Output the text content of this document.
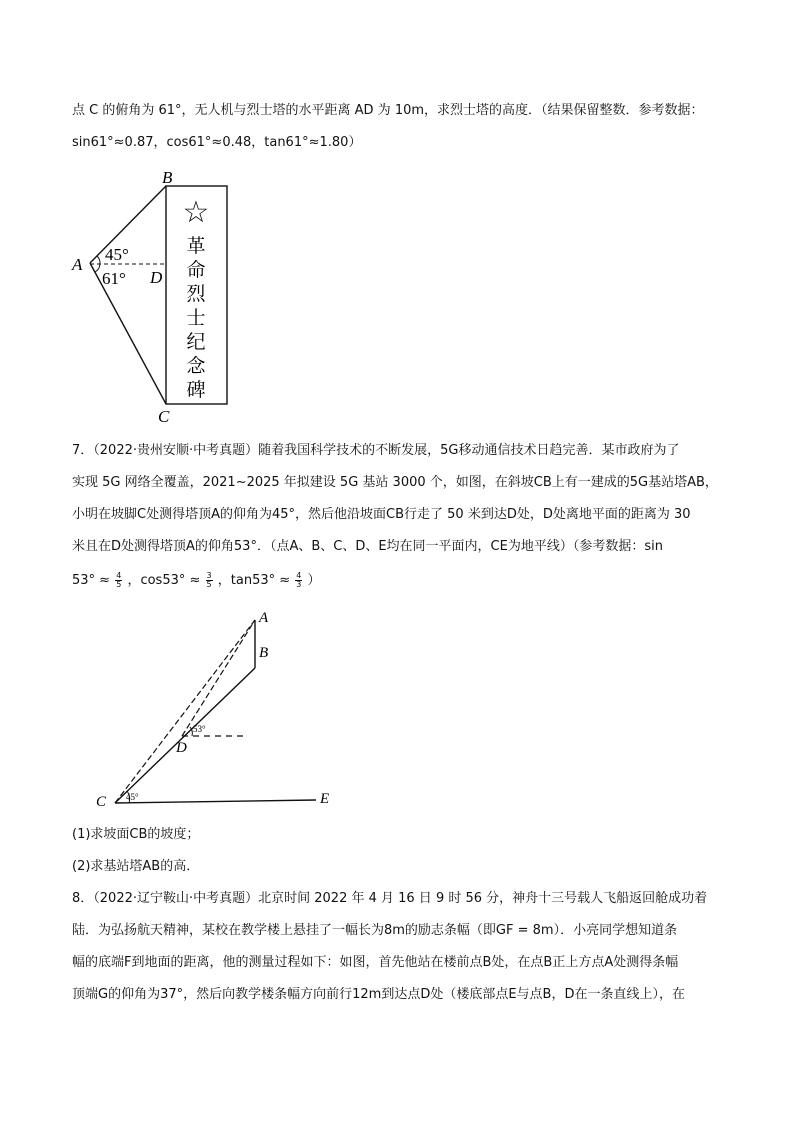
点 C 的俯角为 61°，无人机与烈士塔的水平距离 AD 为 10m，求烈士塔的高度．（结果保留整数．参考数据：
sin61°≈0.87，cos61°≈0.48，tan61°≈1.80）
☆
B
A
D
C
45°
61°
革
命
烈
士
纪
念
碑
7．（2022·贵州安顺·中考真题）随着我国科学技术的不断发展，5G移动通信技术日趋完善．某市政府为了
实现 5G 网络全覆盖，2021~2025 年拟建设 5G 基站 3000 个，如图，在斜坡CB上有一建成的5G基站塔AB，
小明在坡脚C处测得塔顶A的仰角为45°，然后他沿坡面CB行走了 50 米到达D处，D处离地平面的距离为 30
米且在D处测得塔顶A的仰角53°．（点A、B、C、D、E均在同一平面内，CE为地平线）（参考数据：sin
$53^\circ \approx \frac{4}{5}$ ，$\cos 53^\circ \approx \frac{3}{5}$ ，$\tan 53^\circ \approx \frac{4}{3}$ ）
A
B
D
C	E
45°
53°
(1)求坡面CB的坡度；
(2)求基站塔AB的高．
8．（2022·辽宁鞍山·中考真题）北京时间 2022 年 4 月 16 日 9 时 56 分，神舟十三号载人飞船返回舱成功着
陆．为弘扬航天精神，某校在教学楼上悬挂了一幅长为8m的励志条幅（即GF = 8m）．小亮同学想知道条
幅的底端F到地面的距离，他的测量过程如下：如图，首先他站在楼前点B处，在点B正上方点A处测得条幅
顶端G的仰角为37°，然后向教学楼条幅方向前行12m到达点D处（楼底部点E与点B，D在一条直线上），在
